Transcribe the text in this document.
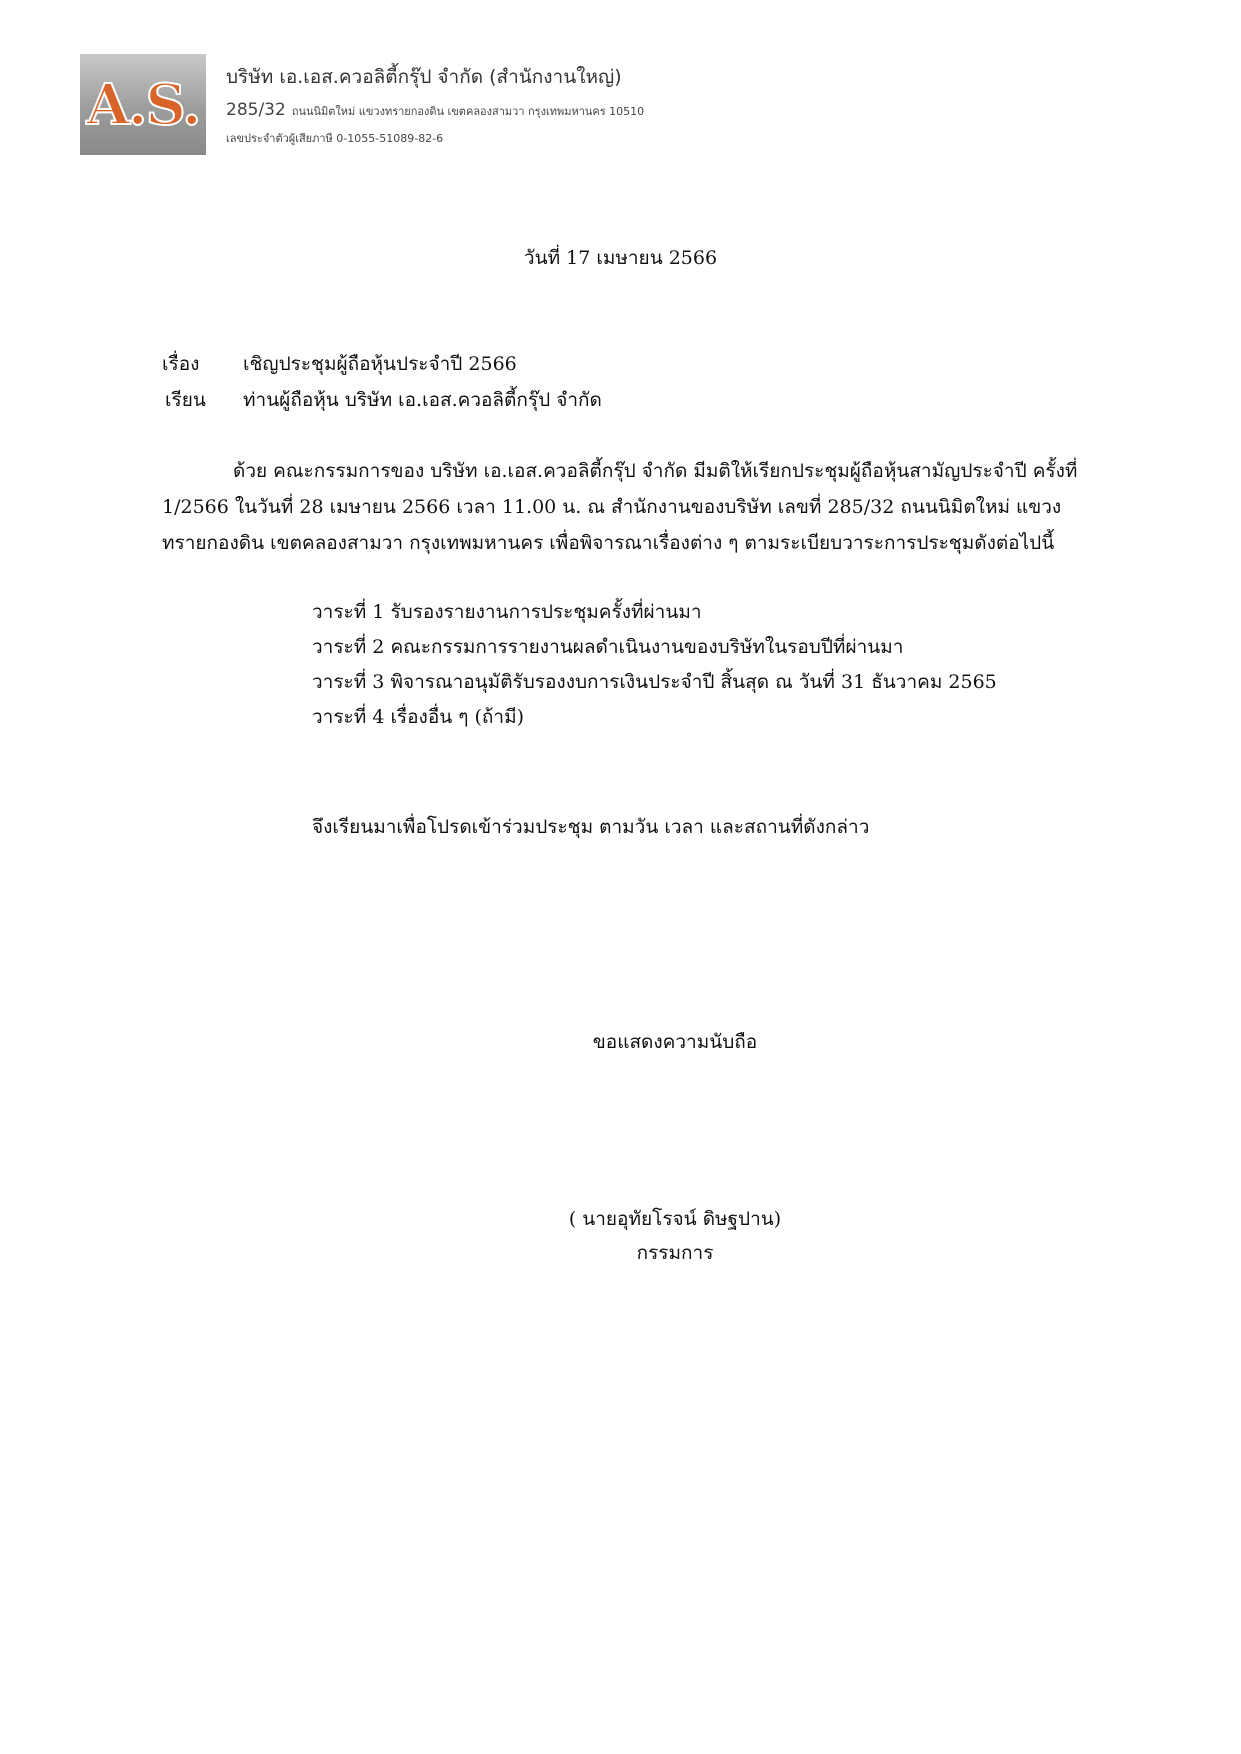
A.S. บริษัท เอ.เอส.ควอลิตี้กรุ๊ป จำกัด (สำนักงานใหญ่)
285/32 ถนนนิมิตใหม่ แขวงทรายกองดิน เขตคลองสามวา กรุงเทพมหานคร 10510
เลขประจำตัวผู้เสียภาษี 0-1055-51089-82-6
วันที่ 17 เมษายน 2566
เรื่อง เชิญประชุมผู้ถือหุ้นประจำปี 2566
เรียน ท่านผู้ถือหุ้น บริษัท เอ.เอส.ควอลิตี้กรุ๊ป จำกัด
ด้วย คณะกรรมการของ บริษัท เอ.เอส.ควอลิตี้กรุ๊ป จำกัด มีมติให้เรียกประชุมผู้ถือหุ้นสามัญประจำปี ครั้งที่
1/2566 ในวันที่ 28 เมษายน 2566 เวลา 11.00 น. ณ สำนักงานของบริษัท เลขที่ 285/32 ถนนนิมิตใหม่ แขวง
ทรายกองดิน เขตคลองสามวา กรุงเทพมหานคร เพื่อพิจารณาเรื่องต่าง ๆ ตามระเบียบวาระการประชุมดังต่อไปนี้
วาระที่ 1 รับรองรายงานการประชุมครั้งที่ผ่านมา
วาระที่ 2 คณะกรรมการรายงานผลดำเนินงานของบริษัทในรอบปีที่ผ่านมา
วาระที่ 3 พิจารณาอนุมัติรับรองงบการเงินประจำปี สิ้นสุด ณ วันที่ 31 ธันวาคม 2565
วาระที่ 4 เรื่องอื่น ๆ (ถ้ามี)
จึงเรียนมาเพื่อโปรดเข้าร่วมประชุม ตามวัน เวลา และสถานที่ดังกล่าว
ขอแสดงความนับถือ
( นายอุทัยโรจน์ ดิษฐปาน)
กรรมการ
